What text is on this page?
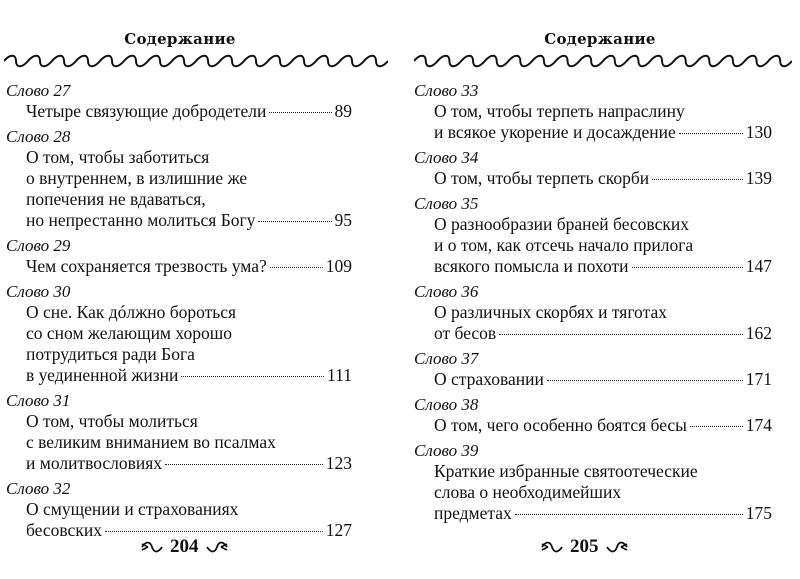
Содержание
Слово 27
Четыре связующие добродетели	89
Слово 28
О том, чтобы заботиться
о внутреннем, в излишние же
попечения не вдаваться,
но непрестанно молиться Богу	95
Слово 29
Чем сохраняется трезвость ума?	109
Слово 30
О сне. Как дóлжно бороться
со сном желающим хорошо
потрудиться ради Бога
в уединенной жизни	111
Слово 31
О том, чтобы молиться
с великим вниманием во псалмах
и молитвословиях	123
Слово 32
О смущении и страхованиях
бесовских	127
204
Содержание
Слово 33
О том, чтобы терпеть напраслину
и всякое укорение и досаждение	130
Слово 34
О том, чтобы терпеть скорби	139
Слово 35
О разнообразии браней бесовских
и о том, как отсечь начало прилога
всякого помысла и похоти	147
Слово 36
О различных скорбях и тяготах
от бесов	162
Слово 37
О страховании	171
Слово 38
О том, чего особенно боятся бесы	174
Слово 39
Краткие избранные святоотеческие
слова о необходимейших
предметах	175
205
